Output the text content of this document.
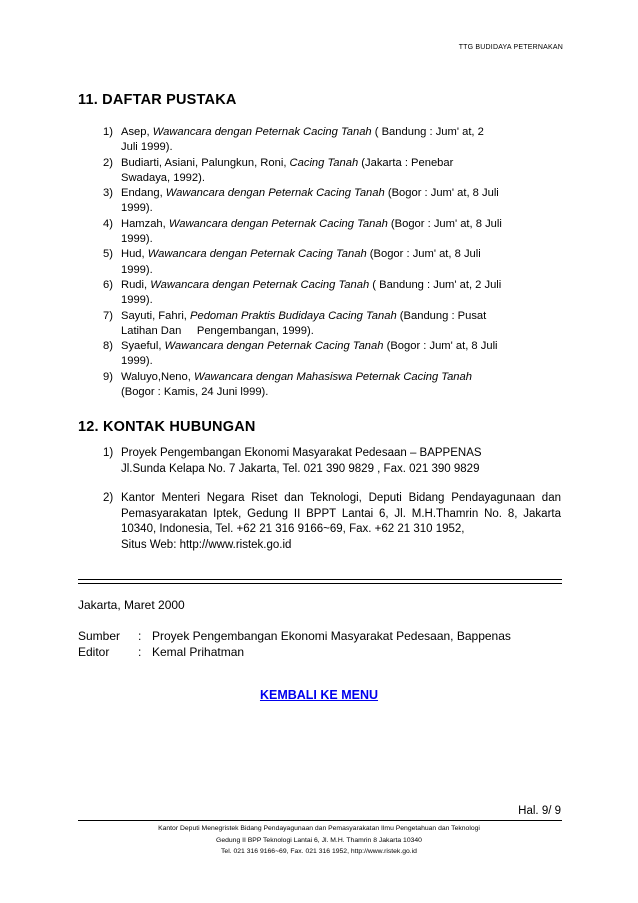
TTG BUDIDAYA PETERNAKAN
11. DAFTAR PUSTAKA
1) Asep, Wawancara dengan Peternak Cacing Tanah ( Bandung : Jum' at, 2
Juli 1999).
2) Budiarti, Asiani, Palungkun, Roni, Cacing Tanah (Jakarta : Penebar
Swadaya, 1992).
3) Endang, Wawancara dengan Peternak Cacing Tanah (Bogor : Jum' at, 8 Juli
1999).
4) Hamzah, Wawancara dengan Peternak Cacing Tanah (Bogor : Jum' at, 8 Juli
1999).
5) Hud, Wawancara dengan Peternak Cacing Tanah (Bogor : Jum' at, 8 Juli
1999).
6) Rudi, Wawancara dengan Peternak Cacing Tanah ( Bandung : Jum' at, 2 Juli
1999).
7) Sayuti, Fahri, Pedoman Praktis Budidaya Cacing Tanah (Bandung : Pusat
Latihan Dan     Pengembangan, 1999).
8) Syaeful, Wawancara dengan Peternak Cacing Tanah (Bogor : Jum' at, 8 Juli
1999).
9) Waluyo,Neno, Wawancara dengan Mahasiswa Peternak Cacing Tanah
(Bogor : Kamis, 24 Juni l999).
12. KONTAK HUBUNGAN
1) Proyek Pengembangan Ekonomi Masyarakat Pedesaan – BAPPENAS
Jl.Sunda Kelapa No. 7 Jakarta, Tel. 021 390 9829 , Fax. 021 390 9829
2) Kantor Menteri Negara Riset dan Teknologi, Deputi Bidang Pendayagunaan dan Pemasyarakatan Iptek, Gedung II BPPT Lantai 6, Jl. M.H.Thamrin No. 8, Jakarta 10340, Indonesia, Tel. +62 21 316 9166~69, Fax. +62 21 310 1952,
Situs Web: http://www.ristek.go.id
Jakarta, Maret 2000
Sumber	: Proyek Pengembangan Ekonomi Masyarakat Pedesaan, Bappenas
Editor	: Kemal Prihatman
KEMBALI KE MENU
Hal. 9/ 9
Kantor Deputi Menegristek Bidang Pendayagunaan dan Pemasyarakatan Ilmu Pengetahuan dan Teknologi
Gedung II BPP Teknologi Lantai 6, Jl. M.H. Thamrin 8 Jakarta 10340
Tel. 021 316 9166~69, Fax. 021 316 1952, http://www.ristek.go.id
